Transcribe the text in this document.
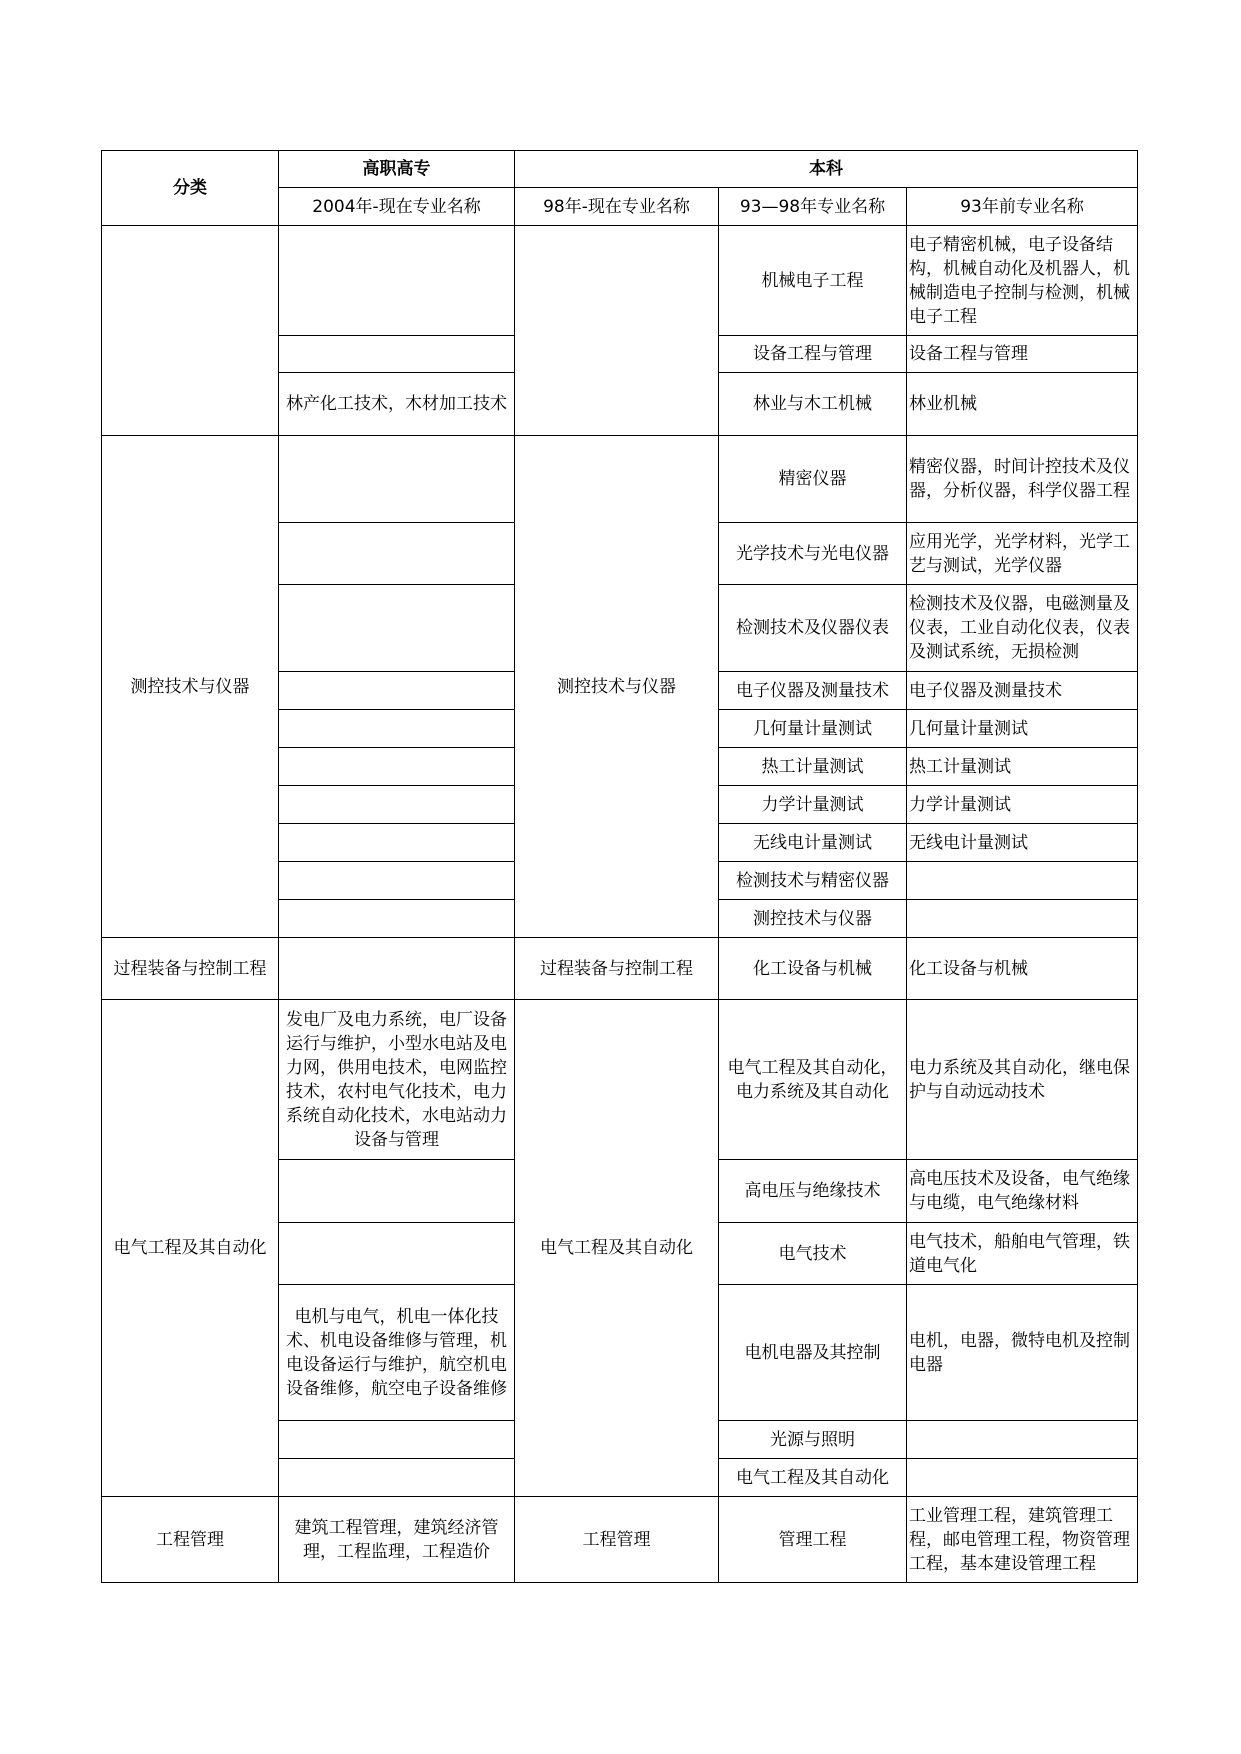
分类	高职高专	本科		
	2004年-现在专业名称	98年-现在专业名称	93—98年专业名称	93年前专业名称
			机械电子工程	电子精密机械，电子设备结构，机械自动化及机器人，机械制造电子控制与检测，机械电子工程
			设备工程与管理	设备工程与管理
	林产化工技术，木材加工技术		林业与木工机械	林业机械
测控技术与仪器		测控技术与仪器	精密仪器	精密仪器，时间计控技术及仪器，分析仪器，科学仪器工程
			光学技术与光电仪器	应用光学，光学材料，光学工艺与测试，光学仪器
			检测技术及仪器仪表	检测技术及仪器，电磁测量及仪表，工业自动化仪表，仪表及测试系统，无损检测
			电子仪器及测量技术	电子仪器及测量技术
			几何量计量测试	几何量计量测试
			热工计量测试	热工计量测试
			力学计量测试	力学计量测试
			无线电计量测试	无线电计量测试
			检测技术与精密仪器	
			测控技术与仪器	
过程装备与控制工程		过程装备与控制工程	化工设备与机械	化工设备与机械
电气工程及其自动化	发电厂及电力系统，电厂设备运行与维护，小型水电站及电力网，供用电技术，电网监控技术，农村电气化技术，电力系统自动化技术，水电站动力设备与管理	电气工程及其自动化	电气工程及其自动化，电力系统及其自动化	电力系统及其自动化，继电保护与自动远动技术
			高电压与绝缘技术	高电压技术及设备，电气绝缘与电缆，电气绝缘材料
			电气技术	电气技术，船舶电气管理，铁道电气化
	电机与电气，机电一体化技术、机电设备维修与管理，机电设备运行与维护，航空机电设备维修，航空电子设备维修		电机电器及其控制	电机，电器，微特电机及控制电器
			光源与照明	
			电气工程及其自动化	
工程管理	建筑工程管理，建筑经济管理，工程监理，工程造价	工程管理	管理工程	工业管理工程，建筑管理工程，邮电管理工程，物资管理工程，基本建设管理工程
